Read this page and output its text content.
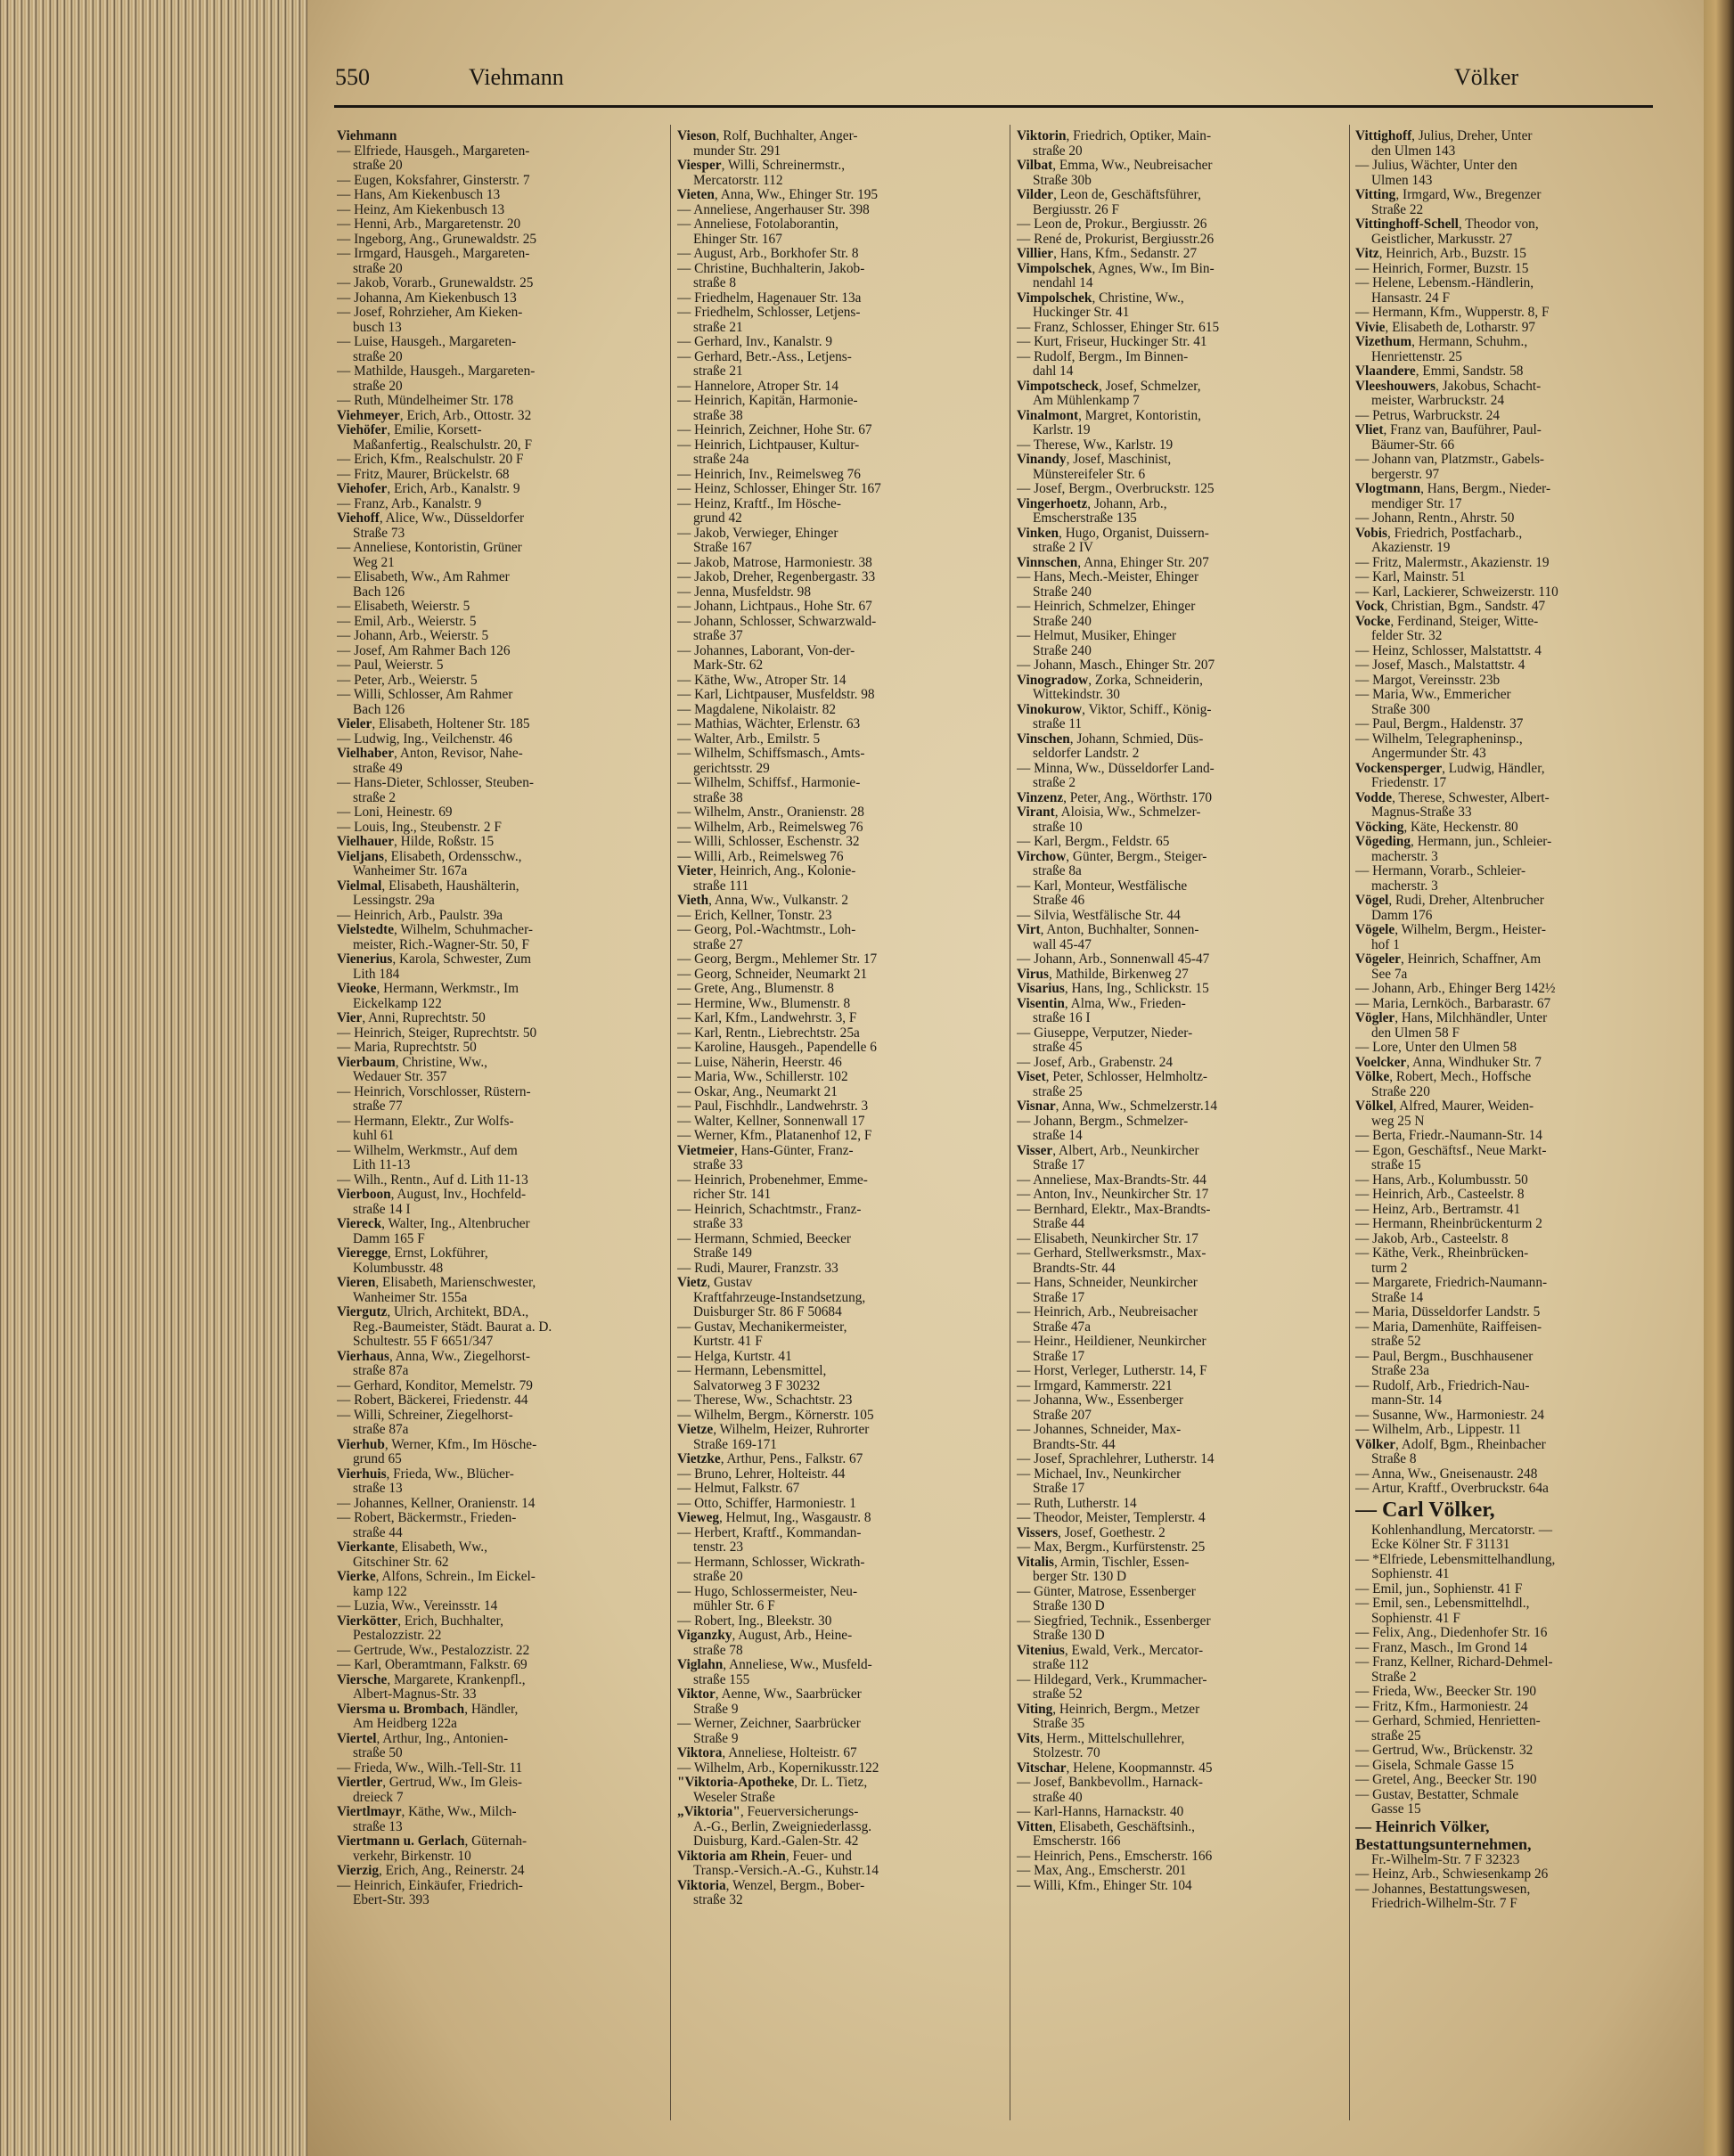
550	Viehmann	Völker

Viehmann

— Elfriede, Hausgeh., Margareten-

straße 20

— Eugen, Koksfahrer, Ginsterstr. 7

— Hans, Am Kiekenbusch 13

— Heinz, Am Kiekenbusch 13

— Henni, Arb., Margaretenstr. 20

— Ingeborg, Ang., Grunewaldstr. 25

— Irmgard, Hausgeh., Margareten-

straße 20

— Jakob, Vorarb., Grunewaldstr. 25

— Johanna, Am Kiekenbusch 13

— Josef, Rohrzieher, Am Kieken-

busch 13

— Luise, Hausgeh., Margareten-

straße 20

— Mathilde, Hausgeh., Margareten-

straße 20

— Ruth, Mündelheimer Str. 178

Viehmeyer, Erich, Arb., Ottostr. 32

Viehöfer, Emilie, Korsett-

Maßanfertig., Realschulstr. 20, F

— Erich, Kfm., Realschulstr. 20 F

— Fritz, Maurer, Brückelstr. 68

Viehofer, Erich, Arb., Kanalstr. 9

— Franz, Arb., Kanalstr. 9

Viehoff, Alice, Ww., Düsseldorfer

Straße 73

— Anneliese, Kontoristin, Grüner

Weg 21

— Elisabeth, Ww., Am Rahmer

Bach 126

— Elisabeth, Weierstr. 5

— Emil, Arb., Weierstr. 5

— Johann, Arb., Weierstr. 5

— Josef, Am Rahmer Bach 126

— Paul, Weierstr. 5

— Peter, Arb., Weierstr. 5

— Willi, Schlosser, Am Rahmer

Bach 126

Vieler, Elisabeth, Holtener Str. 185

— Ludwig, Ing., Veilchenstr. 46

Vielhaber, Anton, Revisor, Nahe-

straße 49

— Hans-Dieter, Schlosser, Steuben-

straße 2

— Loni, Heinestr. 69

— Louis, Ing., Steubenstr. 2 F

Vielhauer, Hilde, Roßstr. 15

Vieljans, Elisabeth, Ordensschw.,

Wanheimer Str. 167a

Vielmal, Elisabeth, Haushälterin,

Lessingstr. 29a

— Heinrich, Arb., Paulstr. 39a

Vielstedte, Wilhelm, Schuhmacher-

meister, Rich.-Wagner-Str. 50, F

Vienerius, Karola, Schwester, Zum

Lith 184

Vieoke, Hermann, Werkmstr., Im

Eickelkamp 122

Vier, Anni, Ruprechtstr. 50

— Heinrich, Steiger, Ruprechtstr. 50

— Maria, Ruprechtstr. 50

Vierbaum, Christine, Ww.,

Wedauer Str. 357

— Heinrich, Vorschlosser, Rüstern-

straße 77

— Hermann, Elektr., Zur Wolfs-

kuhl 61

— Wilhelm, Werkmstr., Auf dem

Lith 11-13

— Wilh., Rentn., Auf d. Lith 11-13

Vierboon, August, Inv., Hochfeld-

straße 14 I

Viereck, Walter, Ing., Altenbrucher

Damm 165 F

Vieregge, Ernst, Lokführer,

Kolumbusstr. 48

Vieren, Elisabeth, Marienschwester,

Wanheimer Str. 155a

Viergutz, Ulrich, Architekt, BDA.,

Reg.-Baumeister, Städt. Baurat a. D.

Schultestr. 55 F 6651/347

Vierhaus, Anna, Ww., Ziegelhorst-

straße 87a

— Gerhard, Konditor, Memelstr. 79

— Robert, Bäckerei, Friedenstr. 44

— Willi, Schreiner, Ziegelhorst-

straße 87a

Vierhub, Werner, Kfm., Im Hösche-

grund 65

Vierhuis, Frieda, Ww., Blücher-

straße 13

— Johannes, Kellner, Oranienstr. 14

— Robert, Bäckermstr., Frieden-

straße 44

Vierkante, Elisabeth, Ww.,

Gitschiner Str. 62

Vierke, Alfons, Schrein., Im Eickel-

kamp 122

— Luzia, Ww., Vereinsstr. 14

Vierkötter, Erich, Buchhalter,

Pestalozzistr. 22

— Gertrude, Ww., Pestalozzistr. 22

— Karl, Oberamtmann, Falkstr. 69

Viersche, Margarete, Krankenpfl.,

Albert-Magnus-Str. 33

Viersma u. Brombach, Händler,

Am Heidberg 122a

Viertel, Arthur, Ing., Antonien-

straße 50

— Frieda, Ww., Wilh.-Tell-Str. 11

Viertler, Gertrud, Ww., Im Gleis-

dreieck 7

Viertlmayr, Käthe, Ww., Milch-

straße 13

Viertmann u. Gerlach, Güternah-

verkehr, Birkenstr. 10

Vierzig, Erich, Ang., Reinerstr. 24

— Heinrich, Einkäufer, Friedrich-

Ebert-Str. 393

Vieson, Rolf, Buchhalter, Anger-

munder Str. 291

Viesper, Willi, Schreinermstr.,

Mercatorstr. 112

Vieten, Anna, Ww., Ehinger Str. 195

— Anneliese, Angerhauser Str. 398

— Anneliese, Fotolaborantin,

Ehinger Str. 167

— August, Arb., Borkhofer Str. 8

— Christine, Buchhalterin, Jakob-

straße 8

— Friedhelm, Hagenauer Str. 13a

— Friedhelm, Schlosser, Letjens-

straße 21

— Gerhard, Inv., Kanalstr. 9

— Gerhard, Betr.-Ass., Letjens-

straße 21

— Hannelore, Atroper Str. 14

— Heinrich, Kapitän, Harmonie-

straße 38

— Heinrich, Zeichner, Hohe Str. 67

— Heinrich, Lichtpauser, Kultur-

straße 24a

— Heinrich, Inv., Reimelsweg 76

— Heinz, Schlosser, Ehinger Str. 167

— Heinz, Kraftf., Im Hösche-

grund 42

— Jakob, Verwieger, Ehinger

Straße 167

— Jakob, Matrose, Harmoniestr. 38

— Jakob, Dreher, Regenbergastr. 33

— Jenna, Musfeldstr. 98

— Johann, Lichtpaus., Hohe Str. 67

— Johann, Schlosser, Schwarzwald-

straße 37

— Johannes, Laborant, Von-der-

Mark-Str. 62

— Käthe, Ww., Atroper Str. 14

— Karl, Lichtpauser, Musfeldstr. 98

— Magdalene, Nikolaistr. 82

— Mathias, Wächter, Erlenstr. 63

— Walter, Arb., Emilstr. 5

— Wilhelm, Schiffsmasch., Amts-

gerichtsstr. 29

— Wilhelm, Schiffsf., Harmonie-

straße 38

— Wilhelm, Anstr., Oranienstr. 28

— Wilhelm, Arb., Reimelsweg 76

— Willi, Schlosser, Eschenstr. 32

— Willi, Arb., Reimelsweg 76

Vieter, Heinrich, Ang., Kolonie-

straße 111

Vieth, Anna, Ww., Vulkanstr. 2

— Erich, Kellner, Tonstr. 23

— Georg, Pol.-Wachtmstr., Loh-

straße 27

— Georg, Bergm., Mehlemer Str. 17

— Georg, Schneider, Neumarkt 21

— Grete, Ang., Blumenstr. 8

— Hermine, Ww., Blumenstr. 8

— Karl, Kfm., Landwehrstr. 3, F

— Karl, Rentn., Liebrechtstr. 25a

— Karoline, Hausgeh., Papendelle 6

— Luise, Näherin, Heerstr. 46

— Maria, Ww., Schillerstr. 102

— Oskar, Ang., Neumarkt 21

— Paul, Fischhdlr., Landwehrstr. 3

— Walter, Kellner, Sonnenwall 17

— Werner, Kfm., Platanenhof 12, F

Vietmeier, Hans-Günter, Franz-

straße 33

— Heinrich, Probenehmer, Emme-

richer Str. 141

— Heinrich, Schachtmstr., Franz-

straße 33

— Hermann, Schmied, Beecker

Straße 149

— Rudi, Maurer, Franzstr. 33

Vietz, Gustav

Kraftfahrzeuge-Instandsetzung,

Duisburger Str. 86 F 50684

— Gustav, Mechanikermeister,

Kurtstr. 41 F

— Helga, Kurtstr. 41

— Hermann, Lebensmittel,

Salvatorweg 3 F 30232

— Therese, Ww., Schachtstr. 23

— Wilhelm, Bergm., Körnerstr. 105

Vietze, Wilhelm, Heizer, Ruhrorter

Straße 169-171

Vietzke, Arthur, Pens., Falkstr. 67

— Bruno, Lehrer, Holteistr. 44

— Helmut, Falkstr. 67

— Otto, Schiffer, Harmoniestr. 1

Vieweg, Helmut, Ing., Wasgaustr. 8

— Herbert, Kraftf., Kommandan-

tenstr. 23

— Hermann, Schlosser, Wickrath-

straße 20

— Hugo, Schlossermeister, Neu-

mühler Str. 6 F

— Robert, Ing., Bleekstr. 30

Viganzky, August, Arb., Heine-

straße 78

Viglahn, Anneliese, Ww., Musfeld-

straße 155

Viktor, Aenne, Ww., Saarbrücker

Straße 9

— Werner, Zeichner, Saarbrücker

Straße 9

Viktora, Anneliese, Holteistr. 67

— Wilhelm, Arb., Kopernikusstr.122

"Viktoria-Apotheke, Dr. L. Tietz,

Weseler Straße

„Viktoria", Feuerversicherungs-

A.-G., Berlin, Zweigniederlassg.

Duisburg, Kard.-Galen-Str. 42

Viktoria am Rhein, Feuer- und

Transp.-Versich.-A.-G., Kuhstr.14

Viktoria, Wenzel, Bergm., Bober-

straße 32

Viktorin, Friedrich, Optiker, Main-

straße 20

Vilbat, Emma, Ww., Neubreisacher

Straße 30b

Vilder, Leon de, Geschäftsführer,

Bergiusstr. 26 F

— Leon de, Prokur., Bergiusstr. 26

— René de, Prokurist, Bergiusstr.26

Villier, Hans, Kfm., Sedanstr. 27

Vimpolschek, Agnes, Ww., Im Bin-

nendahl 14

Vimpolschek, Christine, Ww.,

Huckinger Str. 41

— Franz, Schlosser, Ehinger Str. 615

— Kurt, Friseur, Huckinger Str. 41

— Rudolf, Bergm., Im Binnen-

dahl 14

Vimpotscheck, Josef, Schmelzer,

Am Mühlenkamp 7

Vinalmont, Margret, Kontoristin,

Karlstr. 19

— Therese, Ww., Karlstr. 19

Vinandy, Josef, Maschinist,

Münstereifeler Str. 6

— Josef, Bergm., Overbruckstr. 125

Vingerhoetz, Johann, Arb.,

Emscherstraße 135

Vinken, Hugo, Organist, Duissern-

straße 2 IV

Vinnschen, Anna, Ehinger Str. 207

— Hans, Mech.-Meister, Ehinger

Straße 240

— Heinrich, Schmelzer, Ehinger

Straße 240

— Helmut, Musiker, Ehinger

Straße 240

— Johann, Masch., Ehinger Str. 207

Vinogradow, Zorka, Schneiderin,

Wittekindstr. 30

Vinokurow, Viktor, Schiff., König-

straße 11

Vinschen, Johann, Schmied, Düs-

seldorfer Landstr. 2

— Minna, Ww., Düsseldorfer Land-

straße 2

Vinzenz, Peter, Ang., Wörthstr. 170

Virant, Aloisia, Ww., Schmelzer-

straße 10

— Karl, Bergm., Feldstr. 65

Virchow, Günter, Bergm., Steiger-

straße 8a

— Karl, Monteur, Westfälische

Straße 46

— Silvia, Westfälische Str. 44

Virt, Anton, Buchhalter, Sonnen-

wall 45-47

— Johann, Arb., Sonnenwall 45-47

Virus, Mathilde, Birkenweg 27

Visarius, Hans, Ing., Schlickstr. 15

Visentin, Alma, Ww., Frieden-

straße 16 I

— Giuseppe, Verputzer, Nieder-

straße 45

— Josef, Arb., Grabenstr. 24

Viset, Peter, Schlosser, Helmholtz-

straße 25

Visnar, Anna, Ww., Schmelzerstr.14

— Johann, Bergm., Schmelzer-

straße 14

Visser, Albert, Arb., Neunkircher

Straße 17

— Anneliese, Max-Brandts-Str. 44

— Anton, Inv., Neunkircher Str. 17

— Bernhard, Elektr., Max-Brandts-

Straße 44

— Elisabeth, Neunkircher Str. 17

— Gerhard, Stellwerksmstr., Max-

Brandts-Str. 44

— Hans, Schneider, Neunkircher

Straße 17

— Heinrich, Arb., Neubreisacher

Straße 47a

— Heinr., Heildiener, Neunkircher

Straße 17

— Horst, Verleger, Lutherstr. 14, F

— Irmgard, Kammerstr. 221

— Johanna, Ww., Essenberger

Straße 207

— Johannes, Schneider, Max-

Brandts-Str. 44

— Josef, Sprachlehrer, Lutherstr. 14

— Michael, Inv., Neunkircher

Straße 17

— Ruth, Lutherstr. 14

— Theodor, Meister, Templerstr. 4

Vissers, Josef, Goethestr. 2

— Max, Bergm., Kurfürstenstr. 25

Vitalis, Armin, Tischler, Essen-

berger Str. 130 D

— Günter, Matrose, Essenberger

Straße 130 D

— Siegfried, Technik., Essenberger

Straße 130 D

Vitenius, Ewald, Verk., Mercator-

straße 112

— Hildegard, Verk., Krummacher-

straße 52

Viting, Heinrich, Bergm., Metzer

Straße 35

Vits, Herm., Mittelschullehrer,

Stolzestr. 70

Vitschar, Helene, Koopmannstr. 45

— Josef, Bankbevollm., Harnack-

straße 40

— Karl-Hanns, Harnackstr. 40

Vitten, Elisabeth, Geschäftsinh.,

Emscherstr. 166

— Heinrich, Pens., Emscherstr. 166

— Max, Ang., Emscherstr. 201

— Willi, Kfm., Ehinger Str. 104

Vittighoff, Julius, Dreher, Unter

den Ulmen 143

— Julius, Wächter, Unter den

Ulmen 143

Vitting, Irmgard, Ww., Bregenzer

Straße 22

Vittinghoff-Schell, Theodor von,

Geistlicher, Markusstr. 27

Vitz, Heinrich, Arb., Buzstr. 15

— Heinrich, Former, Buzstr. 15

— Helene, Lebensm.-Händlerin,

Hansastr. 24 F

— Hermann, Kfm., Wupperstr. 8, F

Vivie, Elisabeth de, Lotharstr. 97

Vizethum, Hermann, Schuhm.,

Henriettenstr. 25

Vlaandere, Emmi, Sandstr. 58

Vleeshouwers, Jakobus, Schacht-

meister, Warbruckstr. 24

— Petrus, Warbruckstr. 24

Vliet, Franz van, Bauführer, Paul-

Bäumer-Str. 66

— Johann van, Platzmstr., Gabels-

bergerstr. 97

Vlogtmann, Hans, Bergm., Nieder-

mendiger Str. 17

— Johann, Rentn., Ahrstr. 50

Vobis, Friedrich, Postfacharb.,

Akazienstr. 19

— Fritz, Malermstr., Akazienstr. 19

— Karl, Mainstr. 51

— Karl, Lackierer, Schweizerstr. 110

Vock, Christian, Bgm., Sandstr. 47

Vocke, Ferdinand, Steiger, Witte-

felder Str. 32

— Heinz, Schlosser, Malstattstr. 4

— Josef, Masch., Malstattstr. 4

— Margot, Vereinsstr. 23b

— Maria, Ww., Emmericher

Straße 300

— Paul, Bergm., Haldenstr. 37

— Wilhelm, Telegrapheninsp.,

Angermunder Str. 43

Vockensperger, Ludwig, Händler,

Friedenstr. 17

Vodde, Therese, Schwester, Albert-

Magnus-Straße 33

Vöcking, Käte, Heckenstr. 80

Vögeding, Hermann, jun., Schleier-

macherstr. 3

— Hermann, Vorarb., Schleier-

macherstr. 3

Vögel, Rudi, Dreher, Altenbrucher

Damm 176

Vögele, Wilhelm, Bergm., Heister-

hof 1

Vögeler, Heinrich, Schaffner, Am

See 7a

— Johann, Arb., Ehinger Berg 142½

— Maria, Lernköch., Barbarastr. 67

Vögler, Hans, Milchhändler, Unter

den Ulmen 58 F

— Lore, Unter den Ulmen 58

Voelcker, Anna, Windhuker Str. 7

Völke, Robert, Mech., Hoffsche

Straße 220

Völkel, Alfred, Maurer, Weiden-

weg 25 N

— Berta, Friedr.-Naumann-Str. 14

— Egon, Geschäftsf., Neue Markt-

straße 15

— Hans, Arb., Kolumbusstr. 50

— Heinrich, Arb., Casteelstr. 8

— Heinz, Arb., Bertramstr. 41

— Hermann, Rheinbrückenturm 2

— Jakob, Arb., Casteelstr. 8

— Käthe, Verk., Rheinbrücken-

turm 2

— Margarete, Friedrich-Naumann-

Straße 14

— Maria, Düsseldorfer Landstr. 5

— Maria, Damenhüte, Raiffeisen-

straße 52

— Paul, Bergm., Buschhausener

Straße 23a

— Rudolf, Arb., Friedrich-Nau-

mann-Str. 14

— Susanne, Ww., Harmoniestr. 24

— Wilhelm, Arb., Lippestr. 11

Völker, Adolf, Bgm., Rheinbacher

Straße 8

— Anna, Ww., Gneisenaustr. 248

— Artur, Kraftf., Overbruckstr. 64a

— Carl Völker,

Kohlenhandlung, Mercatorstr. —

Ecke Kölner Str. F 31131

— *Elfriede, Lebensmittelhandlung,

Sophienstr. 41

— Emil, jun., Sophienstr. 41 F

— Emil, sen., Lebensmittelhdl.,

Sophienstr. 41 F

— Felix, Ang., Diedenhofer Str. 16

— Franz, Masch., Im Grond 14

— Franz, Kellner, Richard-Dehmel-

Straße 2

— Frieda, Ww., Beecker Str. 190

— Fritz, Kfm., Harmoniestr. 24

— Gerhard, Schmied, Henrietten-

straße 25

— Gertrud, Ww., Brückenstr. 32

— Gisela, Schmale Gasse 15

— Gretel, Ang., Beecker Str. 190

— Gustav, Bestatter, Schmale

Gasse 15

— Heinrich Völker,

Bestattungsunternehmen,

Fr.-Wilhelm-Str. 7 F 32323

— Heinz, Arb., Schwiesenkamp 26

— Johannes, Bestattungswesen,

Friedrich-Wilhelm-Str. 7 F
